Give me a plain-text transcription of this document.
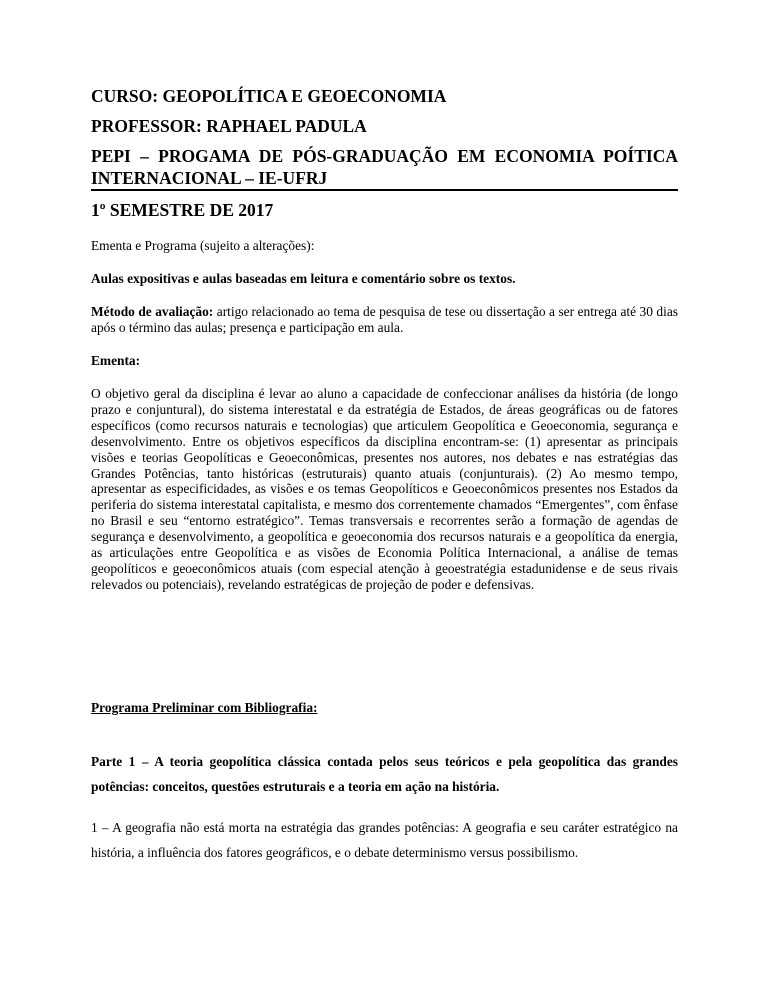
CURSO: GEOPOLÍTICA E GEOECONOMIA

PROFESSOR: RAPHAEL PADULA

PEPI – PROGAMA DE PÓS-GRADUAÇÃO EM ECONOMIA POÍTICA INTERNACIONAL – IE-UFRJ

1º SEMESTRE DE 2017

Ementa e Programa (sujeito a alterações):

Aulas expositivas e aulas baseadas em leitura e comentário sobre os textos.

Método de avaliação: artigo relacionado ao tema de pesquisa de tese ou dissertação a ser entrega até 30 dias após o término das aulas; presença e participação em aula.

Ementa:

O objetivo geral da disciplina é levar ao aluno a capacidade de confeccionar análises da história (de longo prazo e conjuntural), do sistema interestatal e da estratégia de Estados, de áreas geográficas ou de fatores específicos (como recursos naturais e tecnologias) que articulem Geopolítica e Geoeconomia, segurança e desenvolvimento. Entre os objetivos específicos da disciplina encontram-se: (1) apresentar as principais visões e teorias Geopolíticas e Geoeconômicas, presentes nos autores, nos debates e nas estratégias das Grandes Potências, tanto históricas (estruturais) quanto atuais (conjunturais). (2) Ao mesmo tempo, apresentar as especificidades, as visões e os temas Geopolíticos e Geoeconômicos presentes nos Estados da periferia do sistema interestatal capitalista, e mesmo dos correntemente chamados “Emergentes”, com ênfase no Brasil e seu “entorno estratégico”. Temas transversais e recorrentes serão a formação de agendas de segurança e desenvolvimento, a geopolítica e geoeconomia dos recursos naturais e a geopolítica da energia, as articulações entre Geopolítica e as visões de Economia Política Internacional, a análise de temas geopolíticos e geoeconômicos atuais (com especial atenção à geoestratégia estadunidense e de seus rivais relevados ou potenciais), revelando estratégicas de projeção de poder e defensivas.

Programa Preliminar com Bibliografia:

Parte 1 – A teoria geopolítica clássica contada pelos seus teóricos e pela geopolítica das grandes potências: conceitos, questões estruturais e a teoria em ação na história.

1 – A geografia não está morta na estratégia das grandes potências: A geografia e seu caráter estratégico na história, a influência dos fatores geográficos, e o debate determinismo versus possibilismo.
